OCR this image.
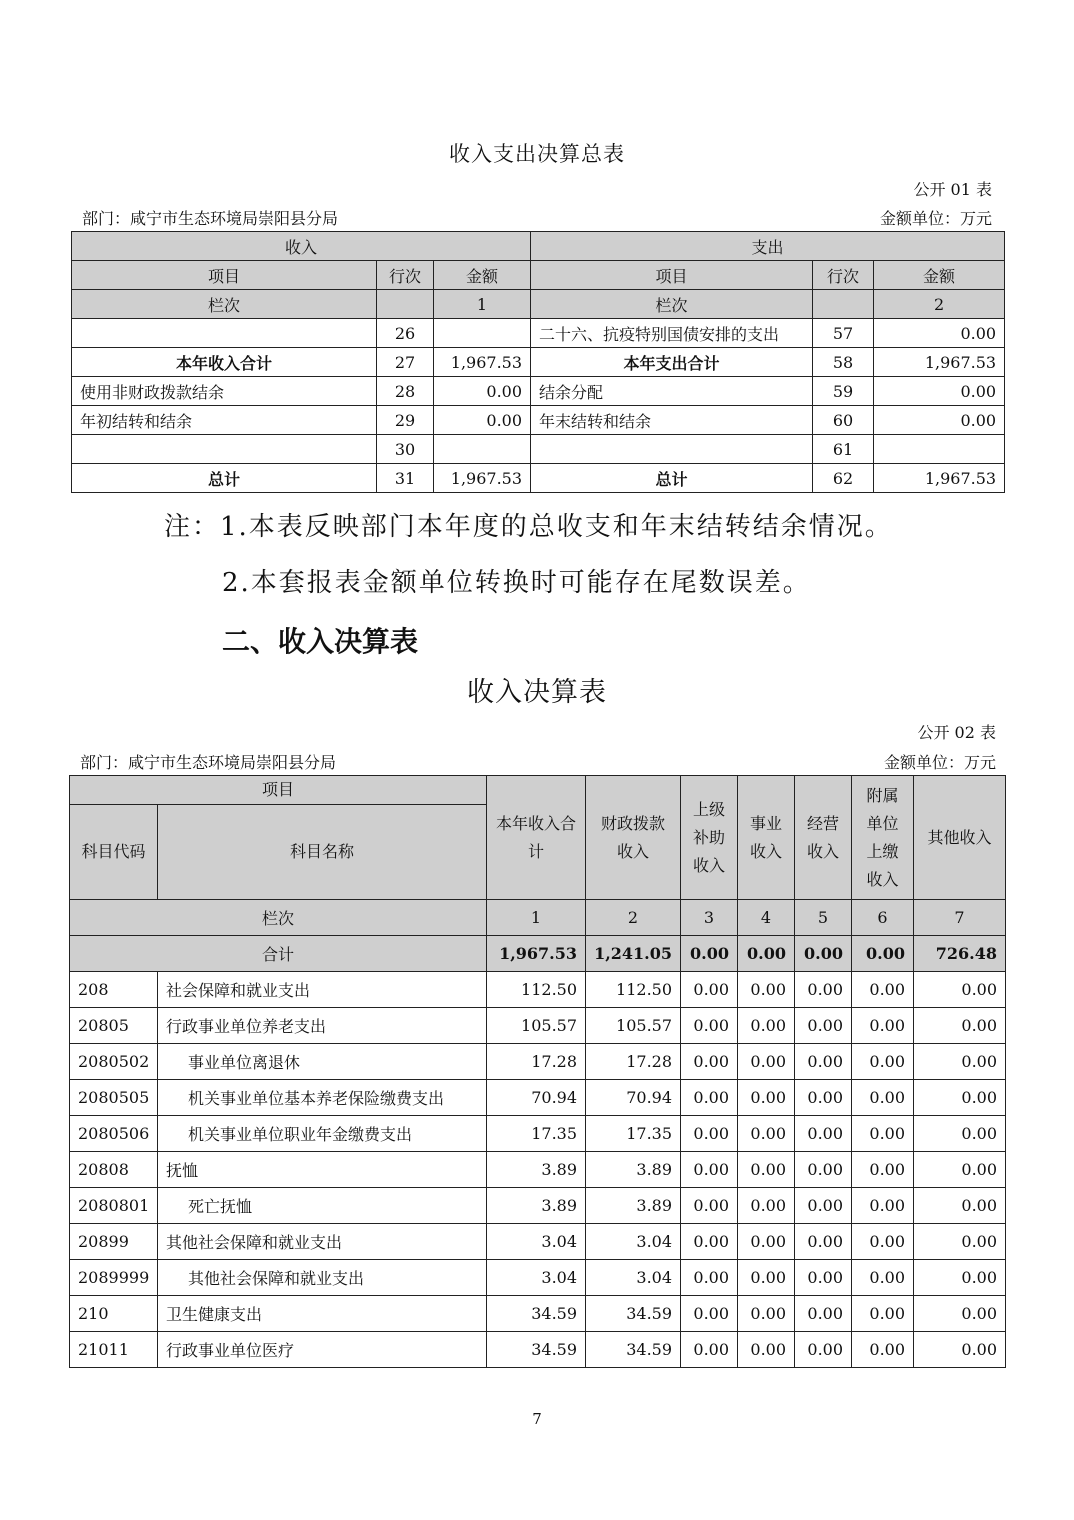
收入支出决算总表
公开 01 表
部门：咸宁市生态环境局崇阳县分局	金额单位：万元
收入			支出		
项目	行次	金额	项目	行次	金额
栏次		1	栏次		2
	26		二十六、抗疫特别国债安排的支出	57	0.00
本年收入合计	27	1,967.53	本年支出合计	58	1,967.53
使用非财政拨款结余	28	0.00	结余分配	59	0.00
年初结转和结余	29	0.00	年末结转和结余	60	0.00
	30			61	
总计	31	1,967.53	总计	62	1,967.53
注：1.本表反映部门本年度的总收支和年末结转结余情况。
2.本套报表金额单位转换时可能存在尾数误差。
二、收入决算表
收入决算表
公开 02 表
部门：咸宁市生态环境局崇阳县分局	金额单位：万元
项目		本年收入合计	财政拨款收入	上级补助收入	事业收入	经营收入	附属单位上缴收入	其他收入
科目代码	科目名称							
栏次		1	2	3	4	5	6	7
合计		1,967.53	1,241.05	0.00	0.00	0.00	0.00	726.48
208	社会保障和就业支出	112.50	112.50	0.00	0.00	0.00	0.00	0.00
20805	行政事业单位养老支出	105.57	105.57	0.00	0.00	0.00	0.00	0.00
2080502	事业单位离退休	17.28	17.28	0.00	0.00	0.00	0.00	0.00
2080505	机关事业单位基本养老保险缴费支出	70.94	70.94	0.00	0.00	0.00	0.00	0.00
2080506	机关事业单位职业年金缴费支出	17.35	17.35	0.00	0.00	0.00	0.00	0.00
20808	抚恤	3.89	3.89	0.00	0.00	0.00	0.00	0.00
2080801	死亡抚恤	3.89	3.89	0.00	0.00	0.00	0.00	0.00
20899	其他社会保障和就业支出	3.04	3.04	0.00	0.00	0.00	0.00	0.00
2089999	其他社会保障和就业支出	3.04	3.04	0.00	0.00	0.00	0.00	0.00
210	卫生健康支出	34.59	34.59	0.00	0.00	0.00	0.00	0.00
21011	行政事业单位医疗	34.59	34.59	0.00	0.00	0.00	0.00	0.00
7
